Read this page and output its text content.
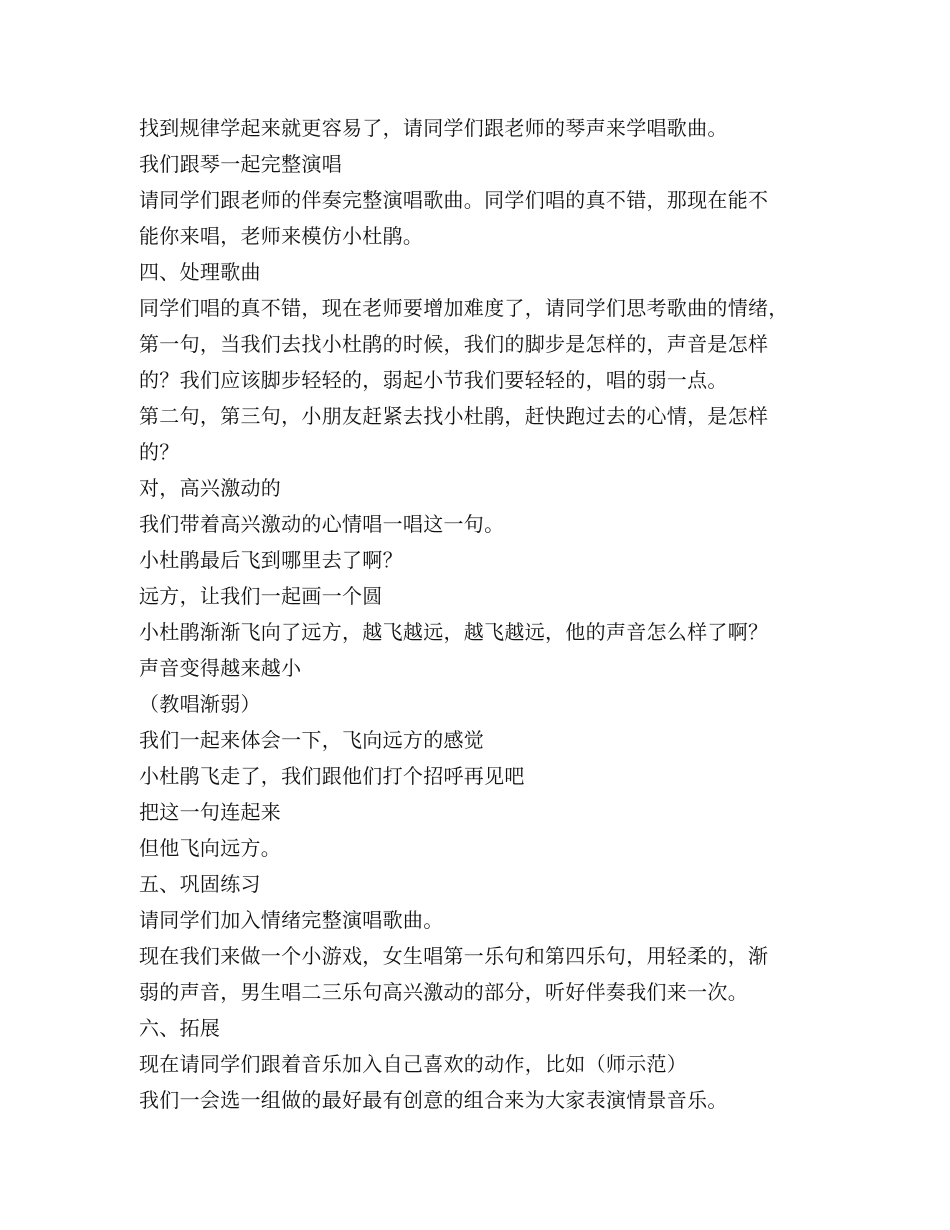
找到规律学起来就更容易了，请同学们跟老师的琴声来学唱歌曲。
我们跟琴一起完整演唱
请同学们跟老师的伴奏完整演唱歌曲。同学们唱的真不错，那现在能不
能你来唱，老师来模仿小杜鹃。
四、处理歌曲
同学们唱的真不错，现在老师要增加难度了，请同学们思考歌曲的情绪，
第一句，当我们去找小杜鹃的时候，我们的脚步是怎样的，声音是怎样
的？我们应该脚步轻轻的，弱起小节我们要轻轻的，唱的弱一点。
第二句，第三句，小朋友赶紧去找小杜鹃，赶快跑过去的心情，是怎样
的？
对，高兴激动的
我们带着高兴激动的心情唱一唱这一句。
小杜鹃最后飞到哪里去了啊？
远方，让我们一起画一个圆
小杜鹃渐渐飞向了远方，越飞越远，越飞越远，他的声音怎么样了啊？
声音变得越来越小
（教唱渐弱）
我们一起来体会一下，飞向远方的感觉
小杜鹃飞走了，我们跟他们打个招呼再见吧
把这一句连起来
但他飞向远方。
五、巩固练习
请同学们加入情绪完整演唱歌曲。
现在我们来做一个小游戏，女生唱第一乐句和第四乐句，用轻柔的，渐
弱的声音，男生唱二三乐句高兴激动的部分，听好伴奏我们来一次。
六、拓展
现在请同学们跟着音乐加入自己喜欢的动作，比如（师示范）
我们一会选一组做的最好最有创意的组合来为大家表演情景音乐。
